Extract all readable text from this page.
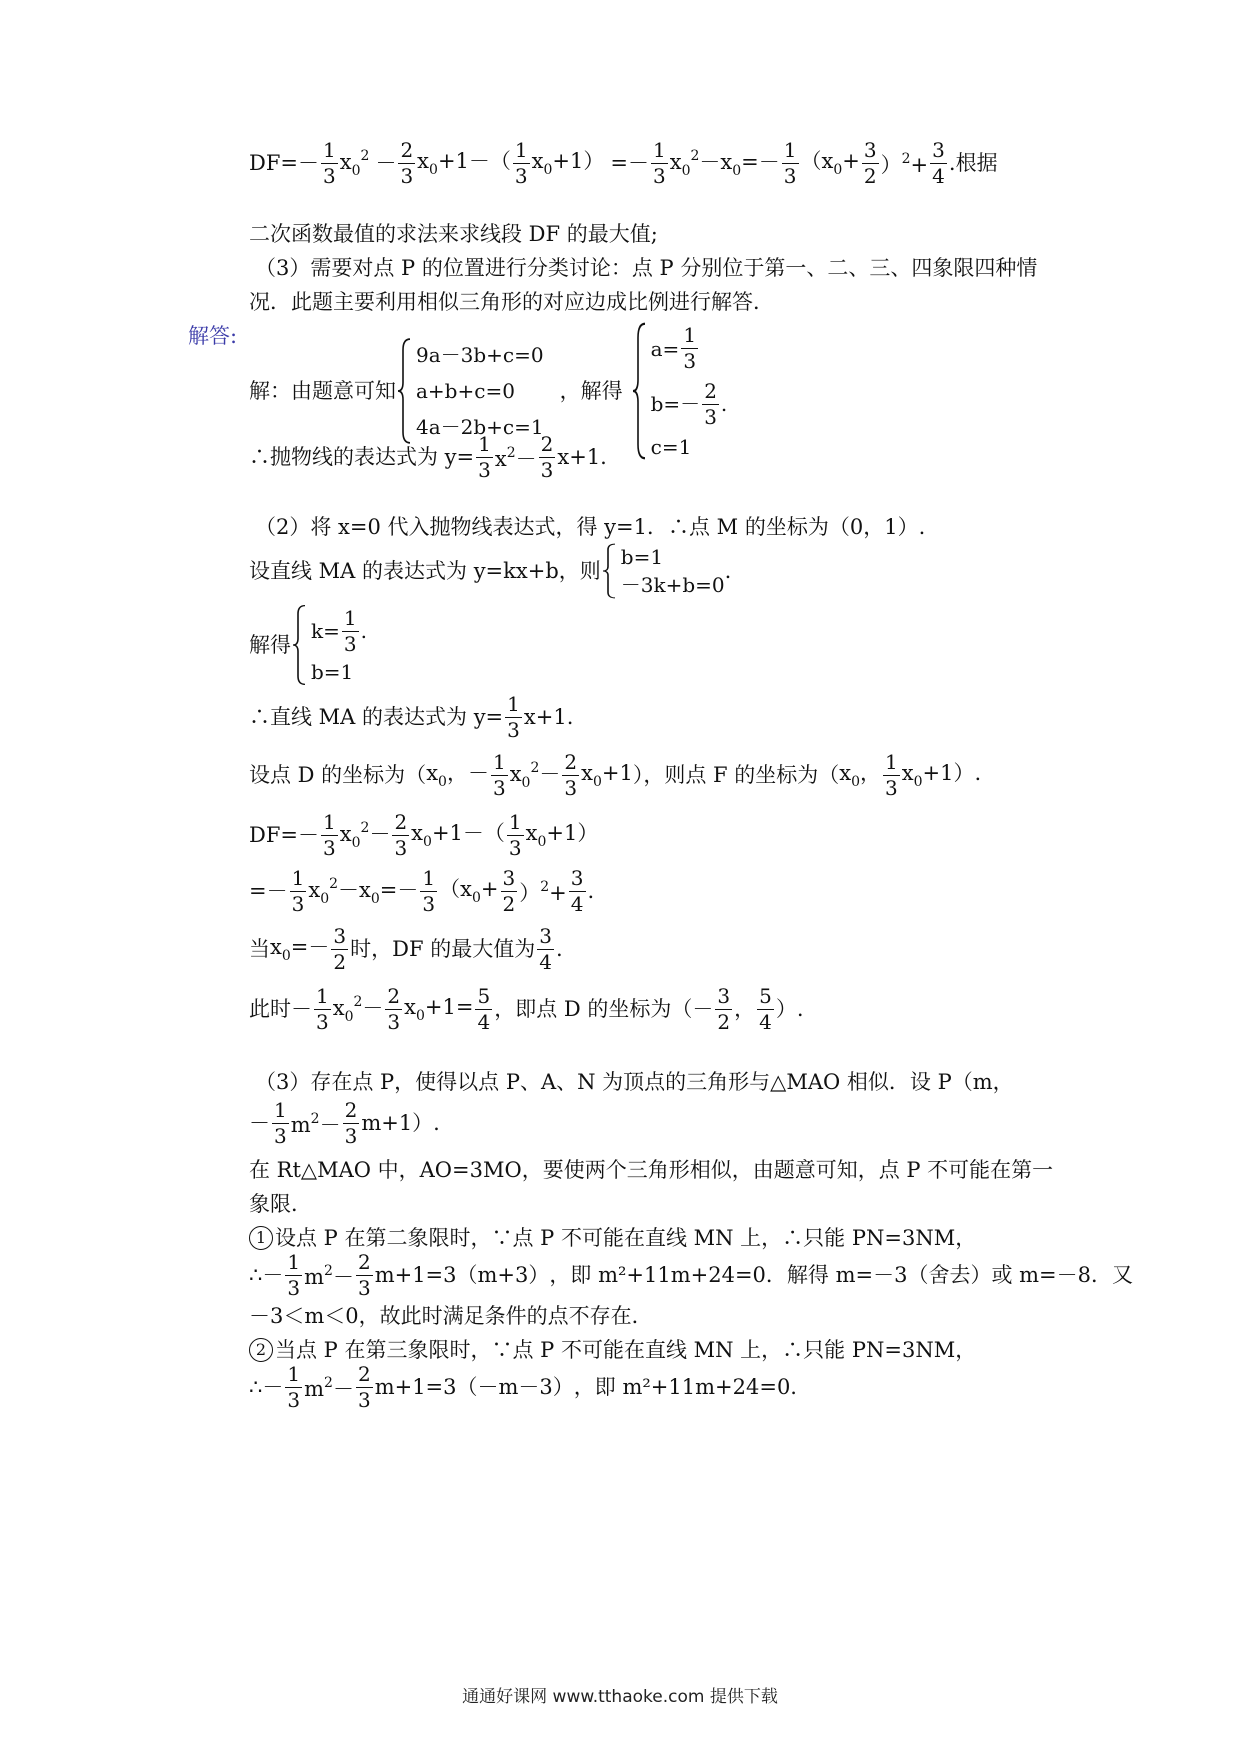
DF= －
1
3
$x_0^2$ －
2
3
$x_0+1-$（ 1
3
$x_0+1$） =－
1
3
$x_0^2-x_0=- 1$
3
$(x_0+ \frac{3}{2} )^2+ \frac{3}{4}$ . 根据
二次函数最值的求法来求线段 DF 的最大值;
（3）需要对点 P 的位置进行分类讨论：点 P 分别位于第一、二、三、四象限四种情
况．此题主要利用相似三角形的对应边成比例进行解答．
解答:
解：由题意可知
9a－3b+c=0
a+b+c=0
4a－2b+c=1
，解得
$a= \frac{1}{3}$
b=－
2
3
.
c=1
∴抛物线的表达式为 $y= \frac{1}{3} x^2-$
2
3
x+1.
（2）将 x=0 代入抛物线表达式，得 y=1．∴点 M 的坐标为（0，1）.
设直线 MA 的表达式为 y=kx+b，则
b=1
－3k+b=0
.
解得
$k= \frac{1}{3}$ .
b=1
∴直线 MA 的表达式为 $y= \frac{1}{3} x+1$.
设点 D 的坐标为（ $x_0$，－ 1
3
$x_0^2- 2$
3
$x_0+1$ ），则点 F 的坐标为（ $x_0$， 1
3
$x_0+1$）.
DF= －
1
3
$x_0^2- 2$
3
$x_0+1-$（ 1
3
$x_0+1$）
=－
1
3
$x_0^2-x_0=- 1$
3
$(x_0+ \frac{3}{2} )^2+ \frac{3}{4}$ .
当 $x_0=- 3$
2
时，DF 的最大值为
3
4
.
此时 －
1
3
$x_0^2- 2$
3
$x_0+1= \frac{5}{4}$ ，即点 D 的坐标为（ －
3
2
，
5
4
）.
（3）存在点 P，使得以点 P、A、N 为顶点的三角形与△MAO 相似．设 P（m，
－
1
3 $m^2-$
2
3
m+1）.
在 Rt△MAO 中，AO=3MO，要使两个三角形相似，由题意可知，点 P 不可能在第一
象限．
1 设点 P 在第二象限时，∵点 P 不可能在直线 MN 上，∴只能 PN=3NM，
∴－
1
3 $m^2-$
2
3
m+1=3（m+3） ，即 m²+11m+24=0．解得 m=－3（舍去）或 m=－8．又
－3＜m＜0，故此时满足条件的点不存在．
2 当点 P 在第三象限时，∵点 P 不可能在直线 MN 上，∴只能 PN=3NM，
∴－
1
3 $m^2-$
2
3
m+1=3（－m－3） ，即 m²+11m+24=0.
通通好课网 www.tthaoke.com 提供下载
